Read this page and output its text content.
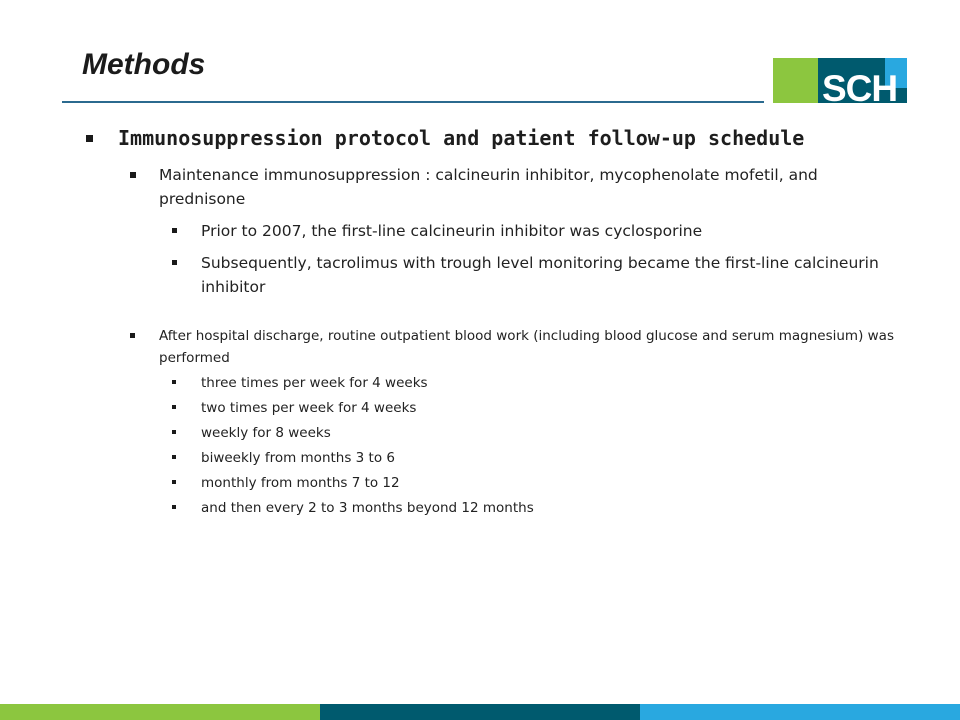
Methods
SCH
Immunosuppression protocol and patient follow-up schedule
Maintenance immunosuppression : calcineurin inhibitor, mycophenolate mofetil, and prednisone
Prior to 2007, the first-line calcineurin inhibitor was cyclosporine
Subsequently, tacrolimus with trough level monitoring became the first-line calcineurin inhibitor
After hospital discharge, routine outpatient blood work (including blood glucose and serum magnesium) was performed
three times per week for 4 weeks
two times per week for 4 weeks
weekly for 8 weeks
biweekly from months 3 to 6
monthly from months 7 to 12
and then every 2 to 3 months beyond 12 months
